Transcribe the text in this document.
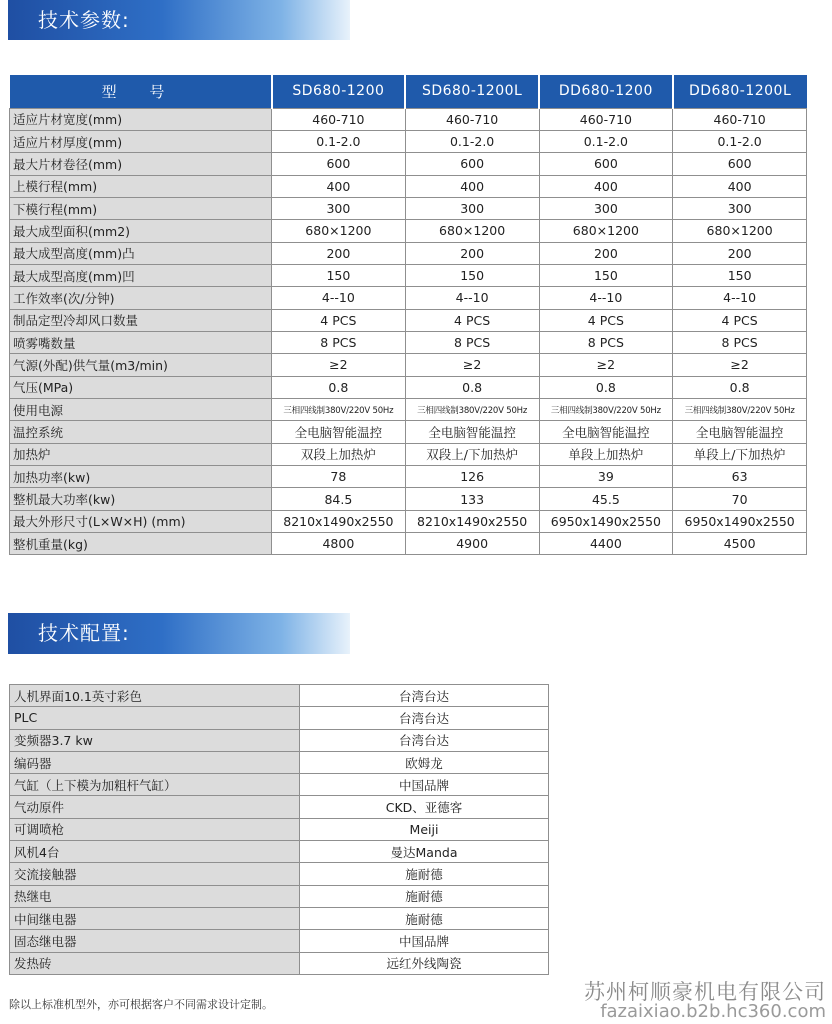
技术参数:
型 号	SD680-1200	SD680-1200L	DD680-1200	DD680-1200L
适应片材宽度(mm)	460-710	460-710	460-710	460-710
适应片材厚度(mm)	0.1-2.0	0.1-2.0	0.1-2.0	0.1-2.0
最大片材卷径(mm)	600	600	600	600
上模行程(mm)	400	400	400	400
下模行程(mm)	300	300	300	300
最大成型面积(mm2)	680×1200	680×1200	680×1200	680×1200
最大成型高度(mm)凸	200	200	200	200
最大成型高度(mm)凹	150	150	150	150
工作效率(次/分钟)	4--10	4--10	4--10	4--10
制品定型冷却风口数量	4 PCS	4 PCS	4 PCS	4 PCS
喷雾嘴数量	8 PCS	8 PCS	8 PCS	8 PCS
气源(外配)供气量(m3/min)	≥2	≥2	≥2	≥2
气压(MPa)	0.8	0.8	0.8	0.8
使用电源	三相四线制380V/220V 50Hz	三相四线制380V/220V 50Hz	三相四线制380V/220V 50Hz	三相四线制380V/220V 50Hz
温控系统	全电脑智能温控	全电脑智能温控	全电脑智能温控	全电脑智能温控
加热炉	双段上加热炉	双段上/下加热炉	单段上加热炉	单段上/下加热炉
加热功率(kw)	78	126	39	63
整机最大功率(kw)	84.5	133	45.5	70
最大外形尺寸(L×W×H) (mm)	8210x1490x2550	8210x1490x2550	6950x1490x2550	6950x1490x2550
整机重量(kg)	4800	4900	4400	4500
技术配置:
人机界面10.1英寸彩色	台湾台达
PLC	台湾台达
变频器3.7 kw	台湾台达
编码器	欧姆龙
气缸（上下模为加粗杆气缸）	中国品牌
气动原件	CKD、亚德客
可调喷枪	Meiji
风机4台	曼达Manda
交流接触器	施耐德
热继电	施耐德
中间继电器	施耐德
固态继电器	中国品牌
发热砖	远红外线陶瓷
除以上标准机型外，亦可根据客户不同需求设计定制。
苏州柯顺豪机电有限公司
fazaixiao.b2b.hc360.com
